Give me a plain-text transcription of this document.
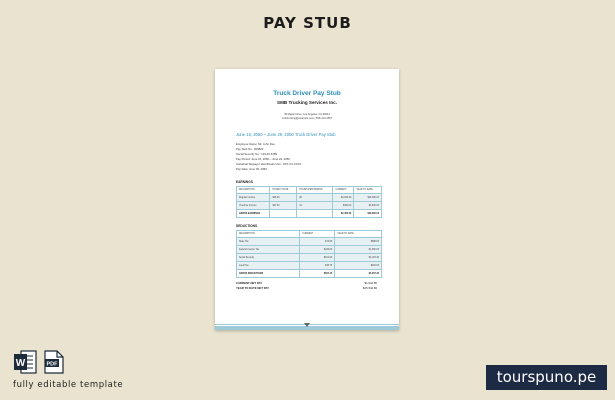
PAY STUB
Truck Driver Pay Stub
SMB Trucking Services Inc.
45 Maple Drive, Los Angeles, CA 90012
smbtrucking@example.com | 555-123-4567
June 15, 2050 – June 29, 2050 Truck Driver Pay Stub
Employee Name: Mr. John Doe
Pay Stub No.: 003823
Social Security No.: 123-45-6789
Pay Period: June 15, 2050 – June 29, 2050
Individual Taxpayer Identification No.: 9XX-XX-XXXX
Pay Date: June 30, 2050
EARNINGS
DESCRIPTION	HOURLY RATE	HOURS PER PERIOD	CURRENT	YEAR TO DATE
Regular Income	$25.00	80	$2,000.00	$26,000.00
Overtime Income	$37.50	12	$450.00	$3,600.00
GROSS EARNINGS			$2,450.00	$29,600.00
DEDUCTIONS
DESCRIPTION	CURRENT	YEAR TO DATE
State Tax	$73.50	$588.00
Federal Income Tax	$245.00	$1,960.00
Social Security	$151.90	$1,215.20
Local Tax	$36.75	$294.00
GROSS DEDUCTIONS	$507.15	$4,057.20
CURRENT NET PAY	$1,942.85
YEAR TO DATE NET PAY	$25,542.80
W	PDF
fully editable template	tourspuno.pe
